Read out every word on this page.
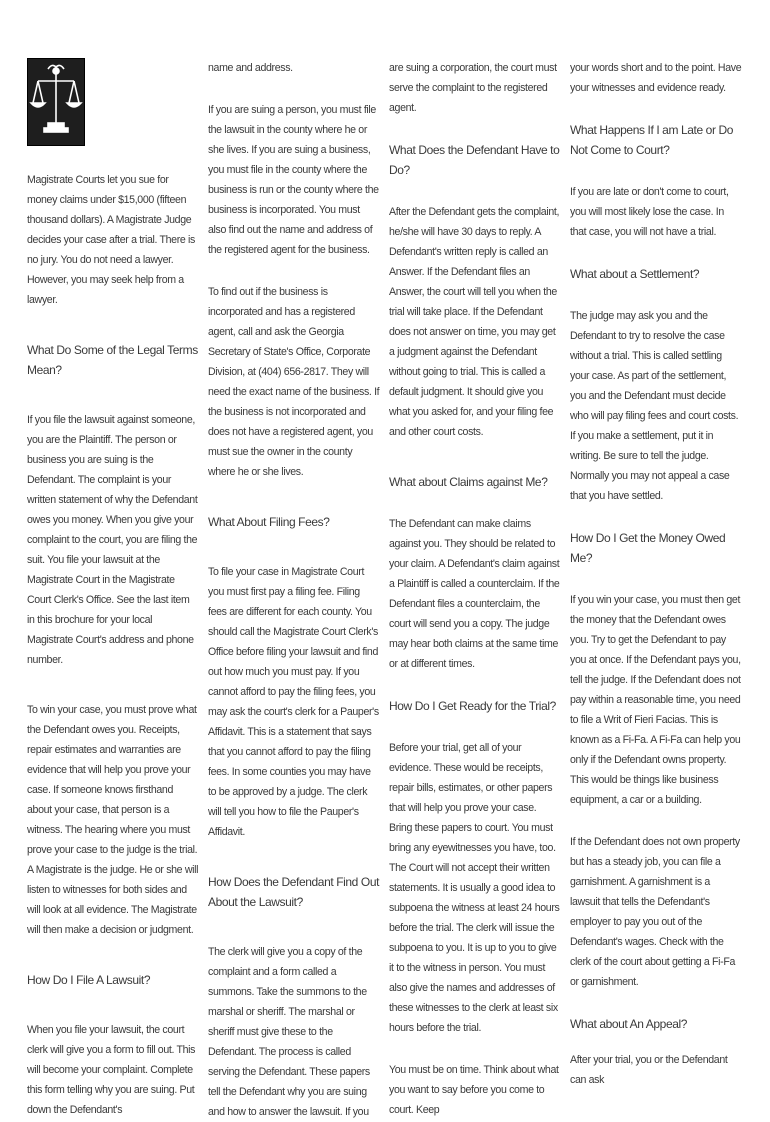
Magistrate Courts let you sue for money claims under $15,000 (fifteen thousand dollars). A Magistrate Judge decides your case after a trial. There is no jury. You do not need a lawyer. However, you may seek help from a lawyer.

What Do Some of the Legal Terms Mean?

If you file the lawsuit against someone, you are the Plaintiff. The person or business you are suing is the Defendant. The complaint is your written statement of why the Defendant owes you money. When you give your complaint to the court, you are filing the suit. You file your lawsuit at the Magistrate Court in the Magistrate Court Clerk's Office. See the last item in this brochure for your local Magistrate Court's address and phone number.

To win your case, you must prove what the Defendant owes you. Receipts, repair estimates and warranties are evidence that will help you prove your case. If someone knows firsthand about your case, that person is a witness. The hearing where you must prove your case to the judge is the trial. A Magistrate is the judge. He or she will listen to witnesses for both sides and will look at all evidence. The Magistrate will then make a decision or judgment.

How Do I File A Lawsuit?

When you file your lawsuit, the court clerk will give you a form to fill out. This will become your complaint. Complete this form telling why you are suing. Put down the Defendant's

name and address.

If you are suing a person, you must file the lawsuit in the county where he or she lives. If you are suing a business, you must file in the county where the business is run or the county where the business is incorporated. You must also find out the name and address of the registered agent for the business.

To find out if the business is incorporated and has a registered agent, call and ask the Georgia Secretary of State's Office, Corporate Division, at (404) 656-2817. They will need the exact name of the business. If the business is not incorporated and does not have a registered agent, you must sue the owner in the county where he or she lives.

What About Filing Fees?

To file your case in Magistrate Court you must first pay a filing fee. Filing fees are different for each county. You should call the Magistrate Court Clerk's Office before filing your lawsuit and find out how much you must pay. If you cannot afford to pay the filing fees, you may ask the court's clerk for a Pauper's Affidavit. This is a statement that says that you cannot afford to pay the filing fees. In some counties you may have to be approved by a judge. The clerk will tell you how to file the Pauper's Affidavit.

How Does the Defendant Find Out About the Lawsuit?

The clerk will give you a copy of the complaint and a form called a summons. Take the summons to the marshal or sheriff. The marshal or sheriff must give these to the Defendant. The process is called serving the Defendant. These papers tell the Defendant why you are suing and how to answer the lawsuit. If you

are suing a corporation, the court must serve the complaint to the registered agent.

What Does the Defendant Have to Do?

After the Defendant gets the complaint, he/she will have 30 days to reply. A Defendant's written reply is called an Answer. If the Defendant files an Answer, the court will tell you when the trial will take place. If the Defendant does not answer on time, you may get a judgment against the Defendant without going to trial. This is called a default judgment. It should give you what you asked for, and your filing fee and other court costs.

What about Claims against Me?

The Defendant can make claims against you. They should be related to your claim. A Defendant's claim against a Plaintiff is called a counterclaim. If the Defendant files a counterclaim, the court will send you a copy. The judge may hear both claims at the same time or at different times.

How Do I Get Ready for the Trial?

Before your trial, get all of your evidence. These would be receipts, repair bills, estimates, or other papers that will help you prove your case. Bring these papers to court. You must bring any eyewitnesses you have, too. The Court will not accept their written statements. It is usually a good idea to subpoena the witness at least 24 hours before the trial. The clerk will issue the subpoena to you. It is up to you to give it to the witness in person. You must also give the names and addresses of these witnesses to the clerk at least six hours before the trial.

You must be on time. Think about what you want to say before you come to court. Keep

your words short and to the point. Have your witnesses and evidence ready.

What Happens If I am Late or Do Not Come to Court?

If you are late or don't come to court, you will most likely lose the case. In that case, you will not have a trial.

What about a Settlement?

The judge may ask you and the Defendant to try to resolve the case without a trial. This is called settling your case. As part of the settlement, you and the Defendant must decide who will pay filing fees and court costs. If you make a settlement, put it in writing. Be sure to tell the judge. Normally you may not appeal a case that you have settled.

How Do I Get the Money Owed Me?

If you win your case, you must then get the money that the Defendant owes you. Try to get the Defendant to pay you at once. If the Defendant pays you, tell the judge. If the Defendant does not pay within a reasonable time, you need to file a Writ of Fieri Facias. This is known as a Fi-Fa. A Fi-Fa can help you only if the Defendant owns property. This would be things like business equipment, a car or a building.

If the Defendant does not own property but has a steady job, you can file a garnishment. A garnishment is a lawsuit that tells the Defendant's employer to pay you out of the Defendant's wages. Check with the clerk of the court about getting a Fi-Fa or garnishment.

What about An Appeal?

After your trial, you or the Defendant can ask
